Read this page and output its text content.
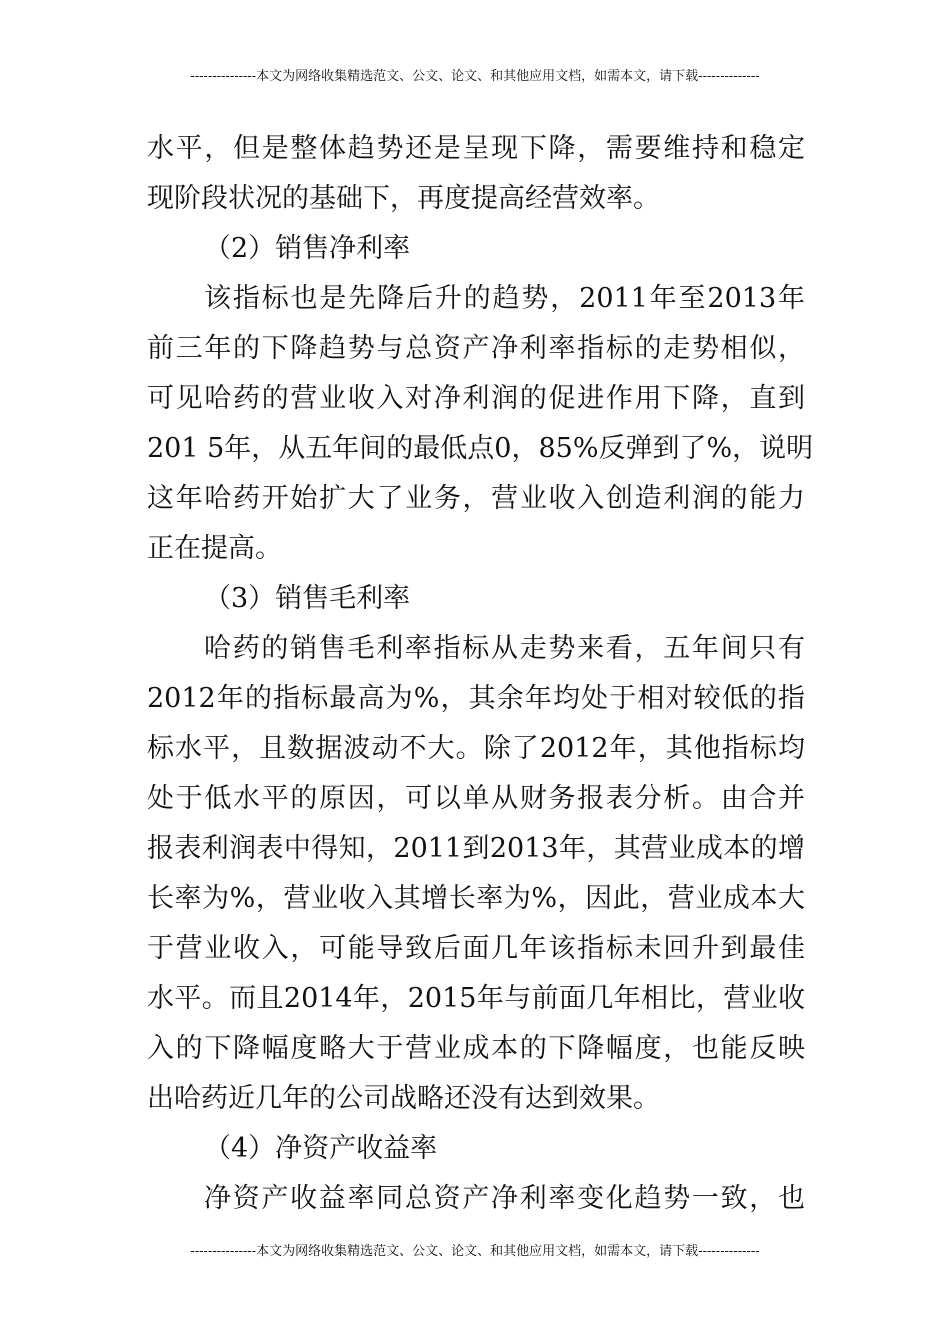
---------------本文为网络收集精选范文、公文、论文、和其他应用文档，如需本文，请下载--------------
水平，但是整体趋势还是呈现下降，需要维持和稳定
现阶段状况的基础下，再度提高经营效率。
（2）销售净利率
该指标也是先降后升的趋势，2011年至2013年
前三年的下降趋势与总资产净利率指标的走势相似，
可见哈药的营业收入对净利润的促进作用下降，直到
201 5年，从五年间的最低点0，85%反弹到了%，说明
这年哈药开始扩大了业务，营业收入创造利润的能力
正在提高。
（3）销售毛利率
哈药的销售毛利率指标从走势来看，五年间只有
2012年的指标最高为%，其余年均处于相对较低的指
标水平，且数据波动不大。除了2012年，其他指标均
处于低水平的原因，可以单从财务报表分析。由合并
报表利润表中得知，2011到2013年，其营业成本的增
长率为%，营业收入其增长率为%，因此，营业成本大
于营业收入，可能导致后面几年该指标未回升到最佳
水平。而且2014年，2015年与前面几年相比，营业收
入的下降幅度略大于营业成本的下降幅度，也能反映
出哈药近几年的公司战略还没有达到效果。
（4）净资产收益率
净资产收益率同总资产净利率变化趋势一致，也
---------------本文为网络收集精选范文、公文、论文、和其他应用文档，如需本文，请下载--------------
